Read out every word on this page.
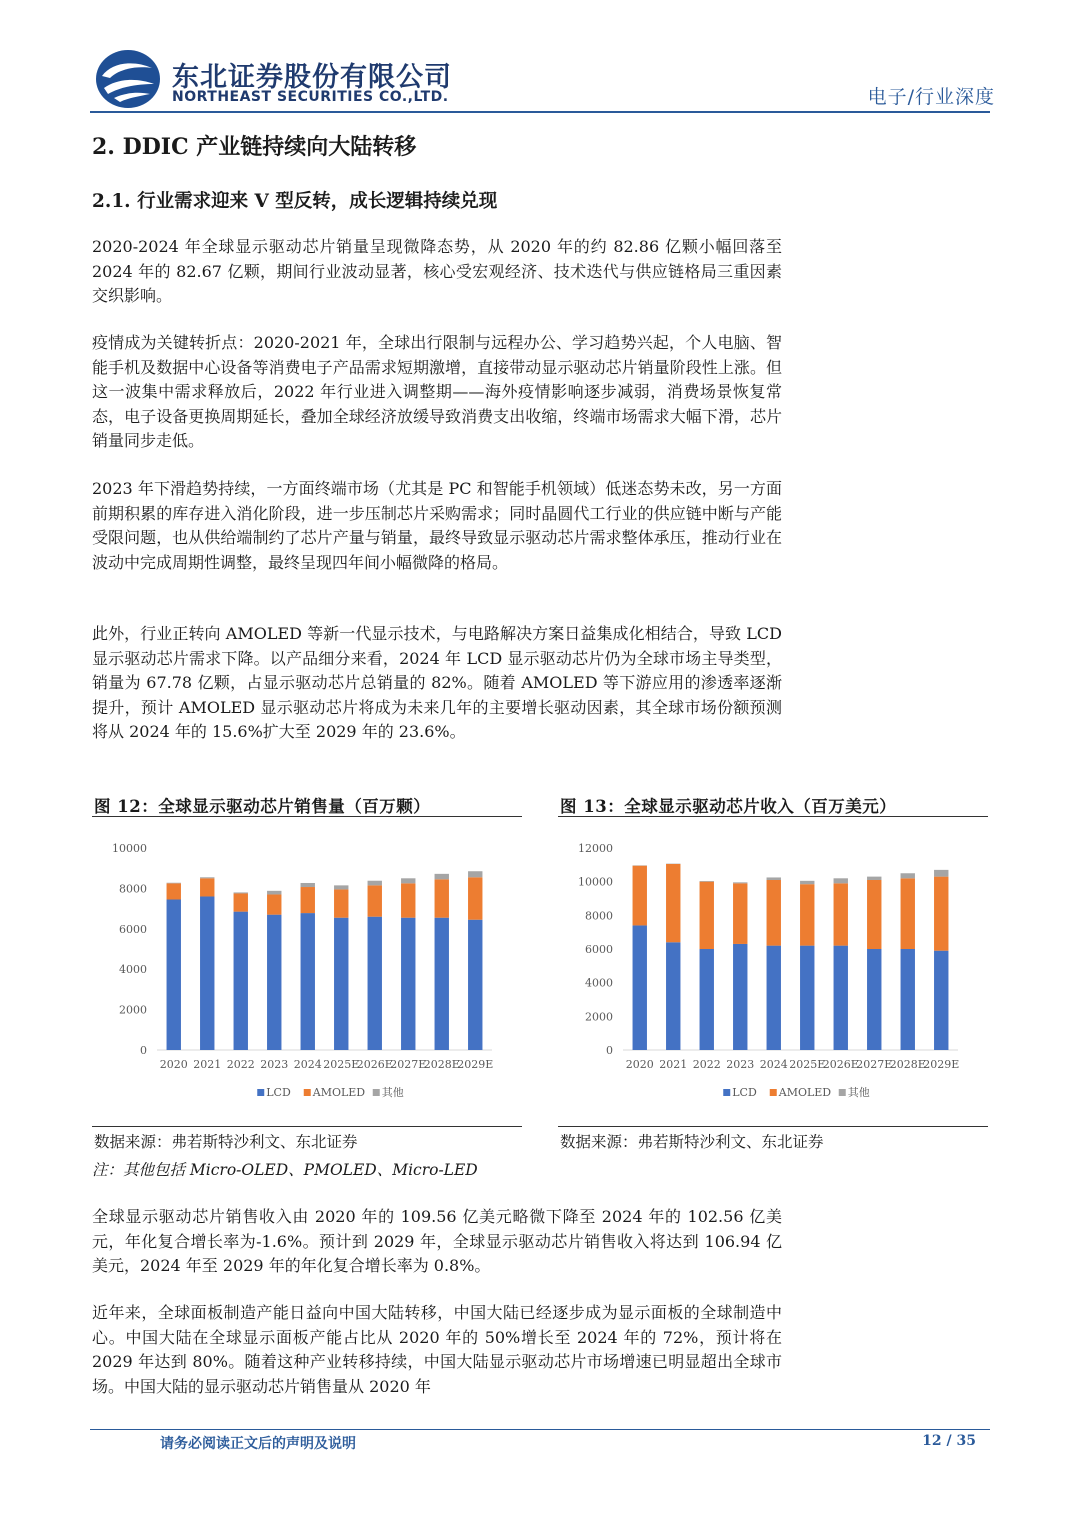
东北证券股份有限公司
NORTHEAST SECURITIES CO.,LTD.	电子/行业深度
2. DDIC 产业链持续向大陆转移
2.1. 行业需求迎来 V 型反转，成长逻辑持续兑现

2020-2024 年全球显示驱动芯片销量呈现微降态势，从 2020 年的约 82.86 亿颗小幅回落至 2024 年的 82.67 亿颗，期间行业波动显著，核心受宏观经济、技术迭代与供应链格局三重因素交织影响。

疫情成为关键转折点：2020-2021 年，全球出行限制与远程办公、学习趋势兴起，个人电脑、智能手机及数据中心设备等消费电子产品需求短期激增，直接带动显示驱动芯片销量阶段性上涨。但这一波集中需求释放后，2022 年行业进入调整期——海外疫情影响逐步减弱，消费场景恢复常态，电子设备更换周期延长，叠加全球经济放缓导致消费支出收缩，终端市场需求大幅下滑，芯片销量同步走低。

2023 年下滑趋势持续，一方面终端市场（尤其是 PC 和智能手机领域）低迷态势未改，另一方面前期积累的库存进入消化阶段，进一步压制芯片采购需求；同时晶圆代工行业的供应链中断与产能受限问题，也从供给端制约了芯片产量与销量，最终导致显示驱动芯片需求整体承压，推动行业在波动中完成周期性调整，最终呈现四年间小幅微降的格局。

此外，行业正转向 AMOLED 等新一代显示技术，与电路解决方案日益集成化相结合，导致 LCD 显示驱动芯片需求下降。以产品细分来看，2024 年 LCD 显示驱动芯片仍为全球市场主导类型，销量为 67.78 亿颗，占显示驱动芯片总销量的 82%。随着 AMOLED 等下游应用的渗透率逐渐提升，预计 AMOLED 显示驱动芯片将成为未来几年的主要增长驱动因素，其全球市场份额预测将从 2024 年的 15.6%扩大至 2029 年的 23.6%。

图 12：全球显示驱动芯片销售量（百万颗）	图 13：全球显示驱动芯片收入（百万美元）
0
2000
4000
6000
8000
10000
2020 2021 2022 2023 2024 2025E
2026E
2027E
2028E
2029E
LCD AMOLED 其他
0
2000
4000
6000
8000
10000
12000
2020 2021 2022 2023 2024 2025E
2026E
2027E
2028E
2029E
LCD AMOLED 其他
数据来源：弗若斯特沙利文、东北证券	数据来源：弗若斯特沙利文、东北证券
注：其他包括 Micro-OLED、PMOLED、Micro-LED

全球显示驱动芯片销售收入由 2020 年的 109.56 亿美元略微下降至 2024 年的 102.56 亿美元，年化复合增长率为-1.6%。预计到 2029 年，全球显示驱动芯片销售收入将达到 106.94 亿美元，2024 年至 2029 年的年化复合增长率为 0.8%。

近年来，全球面板制造产能日益向中国大陆转移，中国大陆已经逐步成为显示面板的全球制造中心。中国大陆在全球显示面板产能占比从 2020 年的 50%增长至 2024 年的 72%，预计将在 2029 年达到 80%。随着这种产业转移持续，中国大陆显示驱动芯片市场增速已明显超出全球市场。中国大陆的显示驱动芯片销售量从 2020 年

请务必阅读正文后的声明及说明	12 / 35
